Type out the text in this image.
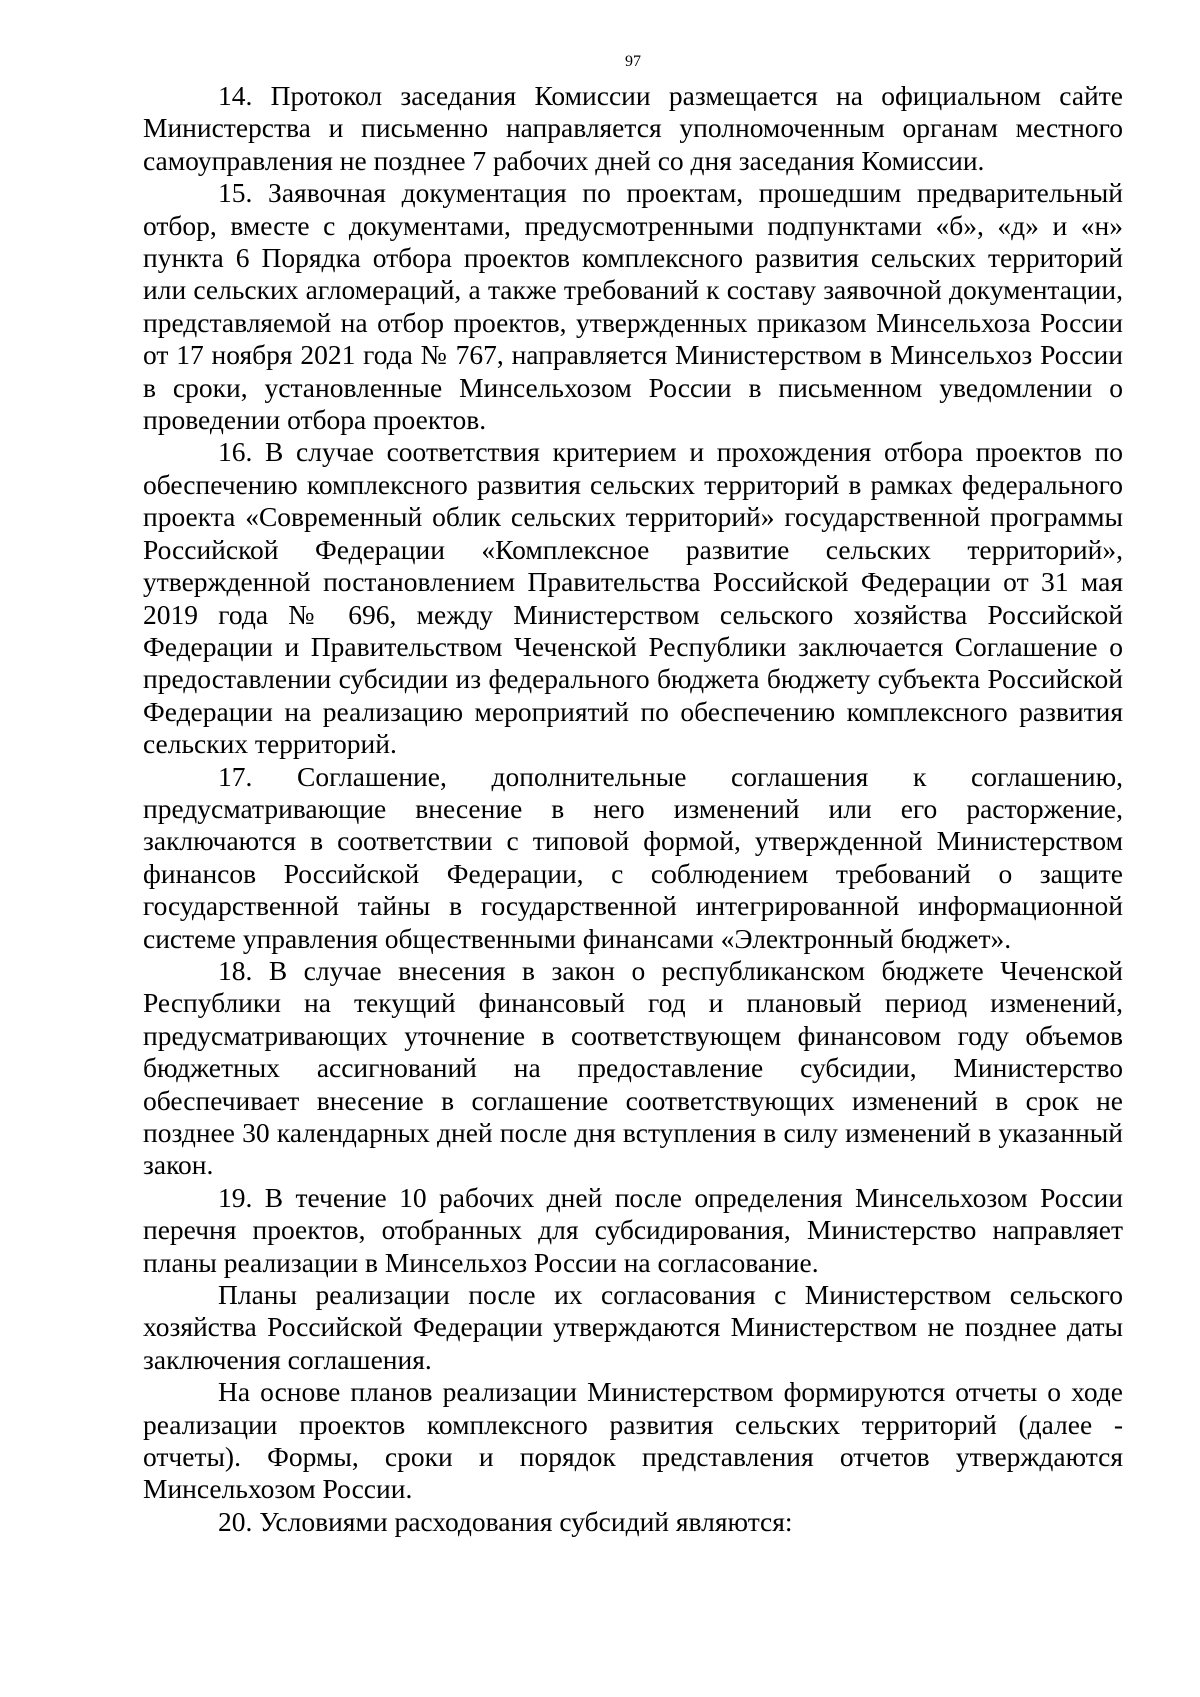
97

14. Протокол заседания Комиссии размещается на официальном сайте Министерства и письменно направляется уполномоченным органам местного самоуправления не позднее 7 рабочих дней со дня заседания Комиссии.

15. Заявочная документация по проектам, прошедшим предварительный отбор, вместе с документами, предусмотренными подпунктами «б», «д» и «н» пункта 6 Порядка отбора проектов комплексного развития сельских территорий или сельских агломераций, а также требований к составу заявочной документации, представляемой на отбор проектов, утвержденных приказом Минсельхоза России от 17 ноября 2021 года № 767, направляется Министерством в Минсельхоз России в сроки, установленные Минсельхозом России в письменном уведомлении о проведении отбора проектов.

16. В случае соответствия критерием и прохождения отбора проектов по обеспечению комплексного развития сельских территорий в рамках федерального проекта «Современный облик сельских территорий» государственной программы Российской Федерации «Комплексное развитие сельских территорий», утвержденной постановлением Правительства Российской Федерации от 31 мая 2019 года № 696, между Министерством сельского хозяйства Российской Федерации и Правительством Чеченской Республики заключается Соглашение о предоставлении субсидии из федерального бюджета бюджету субъекта Российской Федерации на реализацию мероприятий по обеспечению комплексного развития сельских территорий.

17. Соглашение, дополнительные соглашения к соглашению, предусматривающие внесение в него изменений или его расторжение, заключаются в соответствии с типовой формой, утвержденной Министерством финансов Российской Федерации, с соблюдением требований о защите государственной тайны в государственной интегрированной информационной системе управления общественными финансами «Электронный бюджет».

18. В случае внесения в закон о республиканском бюджете Чеченской Республики на текущий финансовый год и плановый период изменений, предусматривающих уточнение в соответствующем финансовом году объемов бюджетных ассигнований на предоставление субсидии, Министерство обеспечивает внесение в соглашение соответствующих изменений в срок не позднее 30 календарных дней после дня вступления в силу изменений в указанный закон.

19. В течение 10 рабочих дней после определения Минсельхозом России перечня проектов, отобранных для субсидирования, Министерство направляет планы реализации в Минсельхоз России на согласование.

Планы реализации после их согласования с Министерством сельского хозяйства Российской Федерации утверждаются Министерством не позднее даты заключения соглашения.

На основе планов реализации Министерством формируются отчеты о ходе реализации проектов комплексного развития сельских территорий (далее - отчеты). Формы, сроки и порядок представления отчетов утверждаются Минсельхозом России.

20. Условиями расходования субсидий являются:
